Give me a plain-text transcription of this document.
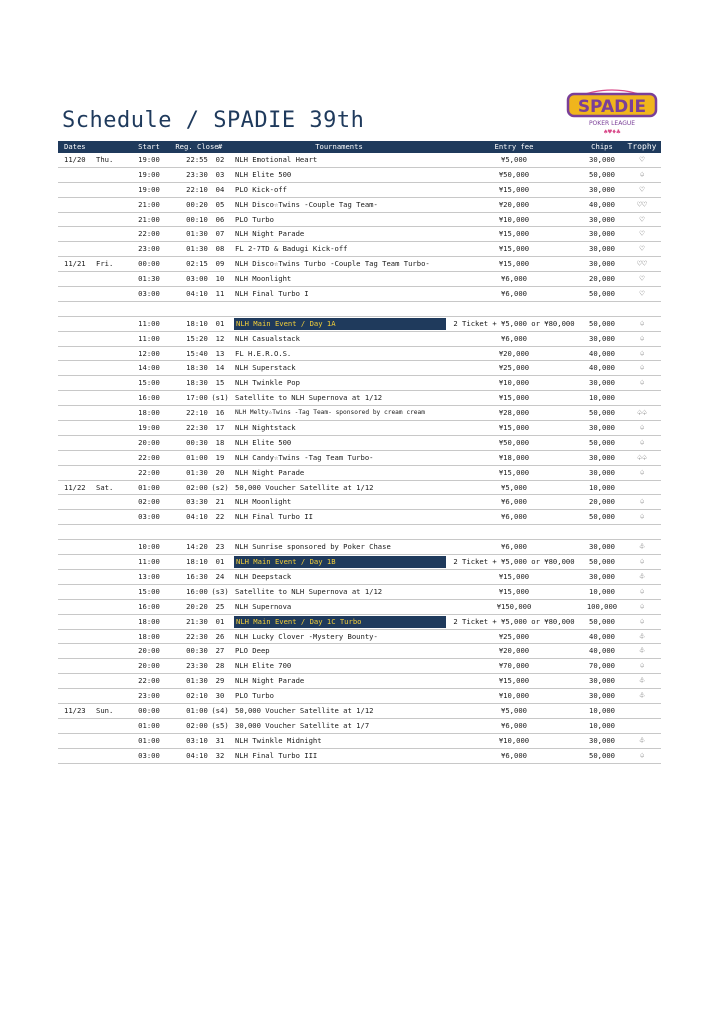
Schedule / SPADIE 39th
SPADIE
POKER LEAGUE
♠♥♦♣
Dates	Start	Reg. Close #	Tournaments	Entry fee	Chips	Trophy
11/20	Thu.	19:00	22:55	02	NLH Emotional Heart	¥5,000	30,000	♡
19:00	23:30	03	NLH Elite 500	¥50,000	50,000	♤
19:00	22:10	04	PLO Kick-off	¥15,000	30,000	♡
21:00	00:20	05	NLH Disco☆Twins -Couple Tag Team-	¥20,000	40,000	♡♡
21:00	00:10	06	PLO Turbo	¥10,000	30,000	♡
22:00	01:30	07	NLH Night Parade	¥15,000	30,000	♡
23:00	01:30	08	FL 2-7TD & Badugi Kick-off	¥15,000	30,000	♡
11/21	Fri.	00:00	02:15	09	NLH Disco☆Twins Turbo -Couple Tag Team Turbo-	¥15,000	30,000	♡♡
01:30	03:00	10	NLH Moonlight	¥6,000	20,000	♡
03:00	04:10	11	NLH Final Turbo I	¥6,000	50,000	♡
11:00	18:10	01	NLH Main Event / Day 1A	2 Ticket + ¥5,000 or ¥80,000	50,000	♤
11:00	15:20	12	NLH Casualstack	¥6,000	30,000	♤
12:00	15:40	13	FL H.E.R.O.S.	¥20,000	40,000	♤
14:00	18:30	14	NLH Superstack	¥25,000	40,000	♤
15:00	18:30	15	NLH Twinkle Pop	¥10,000	30,000	♤
16:00	17:00 (s1) Satellite to NLH Supernova at 1/12	¥15,000	10,000
18:00	22:10	16	NLH Melty☆Twins -Tag Team- sponsored by cream cream	¥28,000	50,000	♤♤
19:00	22:30	17	NLH Nightstack	¥15,000	30,000	♤
20:00	00:30	18	NLH Elite 500	¥50,000	50,000	♤
22:00	01:00	19	NLH Candy☆Twins -Tag Team Turbo-	¥18,000	30,000	♤♤
22:00	01:30	20	NLH Night Parade	¥15,000	30,000	♤
11/22	Sat.	01:00	02:00 (s2) 50,000 Voucher Satellite at 1/12	¥5,000	10,000
02:00	03:30	21	NLH Moonlight	¥6,000	20,000	♤
03:00	04:10	22	NLH Final Turbo II	¥6,000	50,000	♤
10:00	14:20	23	NLH Sunrise sponsored by Poker Chase	¥6,000	30,000	♧
11:00	18:10	01	NLH Main Event / Day 1B	2 Ticket + ¥5,000 or ¥80,000	50,000	♤
13:00	16:30	24	NLH Deepstack	¥15,000	30,000	♧
15:00	16:00 (s3) Satellite to NLH Supernova at 1/12	¥15,000	10,000	♤
16:00	20:20	25	NLH Supernova	¥150,000	100,000	♤
18:00	21:30	01	NLH Main Event / Day 1C Turbo	2 Ticket + ¥5,000 or ¥80,000	50,000	♤
18:00	22:30	26	NLH Lucky Clover -Mystery Bounty-	¥25,000	40,000	♧
20:00	00:30	27	PLO Deep	¥20,000	40,000	♧
20:00	23:30	28	NLH Elite 700	¥70,000	70,000	♤
22:00	01:30	29	NLH Night Parade	¥15,000	30,000	♧
23:00	02:10	30	PLO Turbo	¥10,000	30,000	♧
11/23	Sun.	00:00	01:00 (s4) 50,000 Voucher Satellite at 1/12	¥5,000	10,000
01:00	02:00 (s5) 30,000 Voucher Satellite at 1/7	¥6,000	10,000
01:00	03:10	31	NLH Twinkle Midnight	¥10,000	30,000	♧
03:00	04:10	32	NLH Final Turbo III	¥6,000	50,000	♤
